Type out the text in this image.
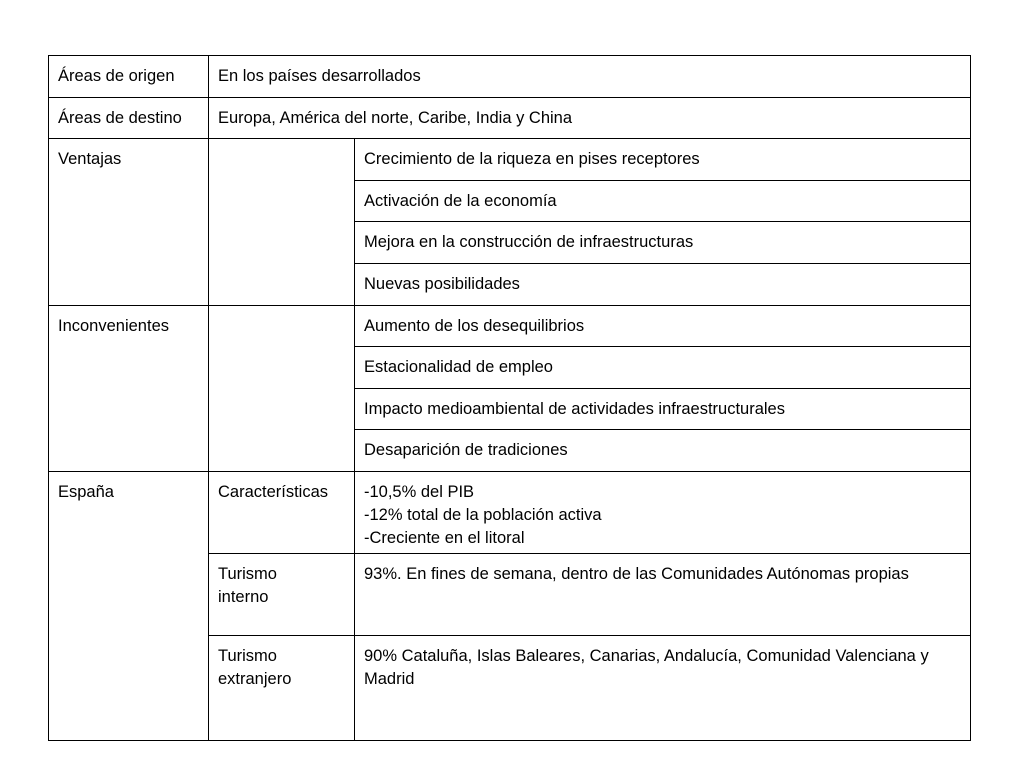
Áreas de origen	En los países desarrollados	
Áreas de destino	Europa, América del norte, Caribe, India y China	
Ventajas		Crecimiento de la riqueza en pises receptores
		Activación de la economía
		Mejora en la construcción de infraestructuras
		Nuevas posibilidades
Inconvenientes		Aumento de los desequilibrios
		Estacionalidad de empleo
		Impacto medioambiental de actividades infraestructurales
		Desaparición de tradiciones
España	Características	-10,5% del PIB
-12% total de la población activa
-Creciente en el litoral

	Turismo
interno	93%. En fines de semana, dentro de las Comunidades Autónomas propias

	Turismo
extranjero	90% Cataluña, Islas Baleares, Canarias, Andalucía, Comunidad Valenciana y Madrid
